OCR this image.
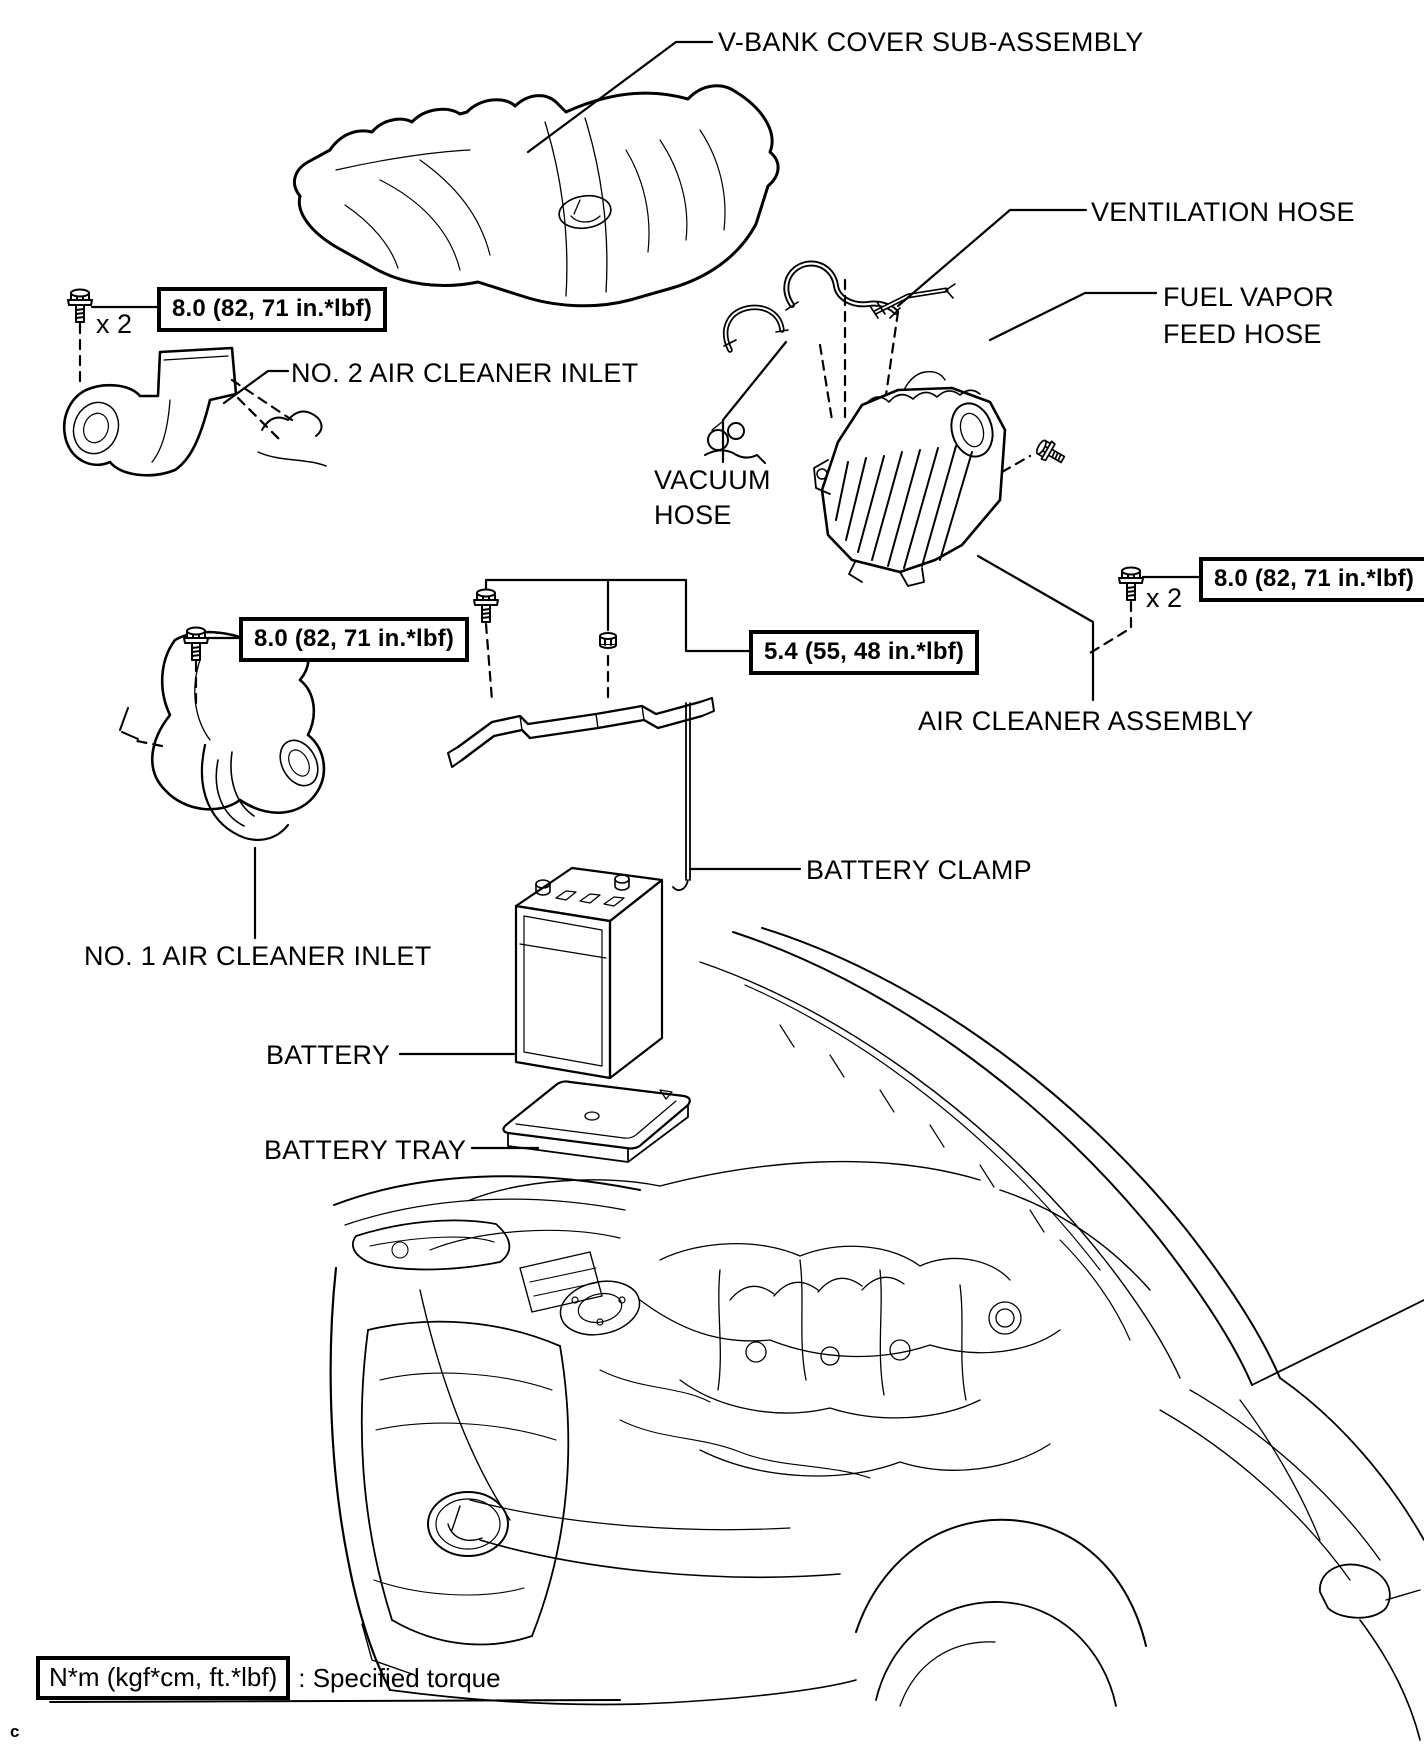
V-BANK COVER SUB-ASSEMBLY
NO. 2 AIR CLEANER INLET
VENTILATION HOSE
FUEL VAPOR
FEED HOSE
VACUUM
HOSE
AIR CLEANER ASSEMBLY
BATTERY CLAMP
NO. 1 AIR CLEANER INLET
BATTERY
BATTERY TRAY
8.0 (82, 71 in.*lbf)
x 2
8.0 (82, 71 in.*lbf)
x 2
8.0 (82, 71 in.*lbf)	5.4 (55, 48 in.*lbf)
N*m (kgf*cm, ft.*lbf) : Specified torque
c
